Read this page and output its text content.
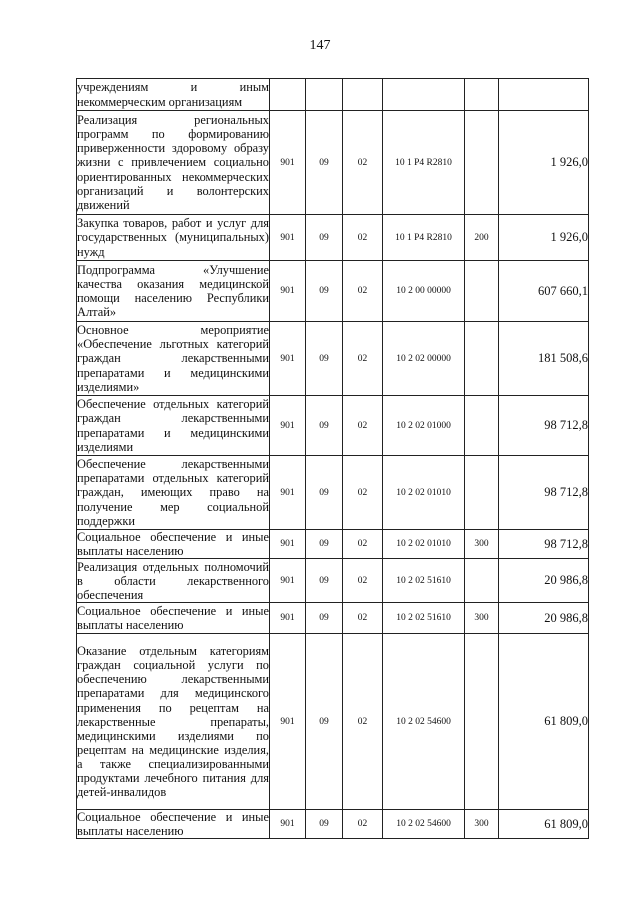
147
учреждениям и иным некоммерческим организациям						
Реализация региональных программ по формированию приверженности здоровому образу жизни с привлечением социально ориентированных некоммерческих организаций и волонтерских движений	901	09	02	10 1 P4 R2810		1 926,0
Закупка товаров, работ и услуг для государственных (муниципальных) нужд	901	09	02	10 1 P4 R2810	200	1 926,0
Подпрограмма «Улучшение качества оказания медицинской помощи населению Республики Алтай»	901	09	02	10 2 00 00000		607 660,1
Основное мероприятие «Обеспечение льготных категорий граждан лекарственными препаратами и медицинскими изделиями»	901	09	02	10 2 02 00000		181 508,6
Обеспечение отдельных категорий граждан лекарственными препаратами и медицинскими изделиями	901	09	02	10 2 02 01000		98 712,8
Обеспечение лекарственными препаратами отдельных категорий граждан, имеющих право на получение мер социальной поддержки	901	09	02	10 2 02 01010		98 712,8
Социальное обеспечение и иные выплаты населению	901	09	02	10 2 02 01010	300	98 712,8
Реализация отдельных полномочий в области лекарственного обеспечения	901	09	02	10 2 02 51610		20 986,8
Социальное обеспечение и иные выплаты населению	901	09	02	10 2 02 51610	300	20 986,8
Оказание отдельным категориям граждан социальной услуги по обеспечению лекарственными препаратами для медицинского применения по рецептам на лекарственные препараты, медицинскими изделиями по рецептам на медицинские изделия, а также специализированными продуктами лечебного питания для детей-инвалидов	901	09	02	10 2 02 54600		61 809,0
Социальное обеспечение и иные выплаты населению	901	09	02	10 2 02 54600	300	61 809,0
